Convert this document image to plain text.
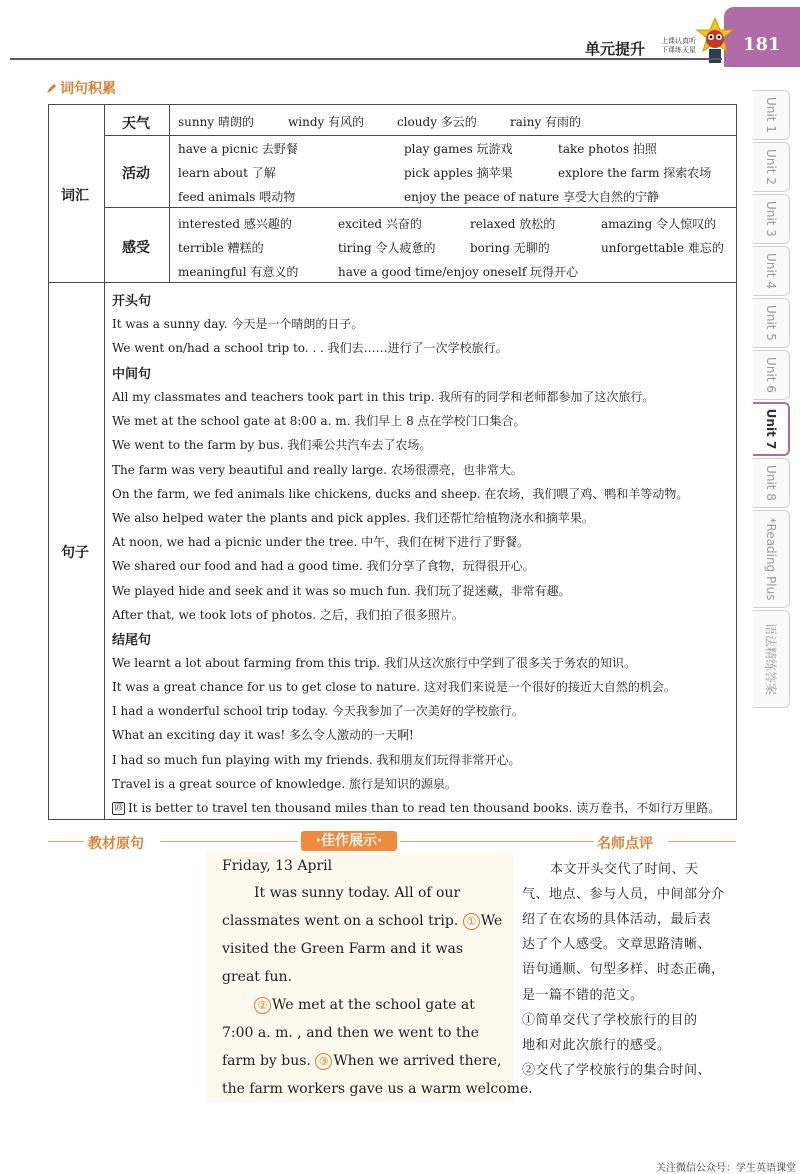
181
单元提升 上课认真听
下课练天星
词句积累
词汇
天气 sunny 晴朗的	windy 有风的	cloudy 多云的	rainy 有雨的
活动
have a picnic 去野餐	play games 玩游戏	take photos 拍照
learn about 了解	pick apples 摘苹果	explore the farm 探索农场
feed animals 喂动物	enjoy the peace of nature 享受大自然的宁静
感受
interested 感兴趣的	excited 兴奋的	relaxed 放松的	amazing 令人惊叹的
terrible 糟糕的	tiring 令人疲惫的	boring 无聊的	unforgettable 难忘的
meaningful 有意义的	have a good time/enjoy oneself 玩得开心
句子
开头句
It was a sunny day. 今天是一个晴朗的日子。
We went on/had a school trip to. . . 我们去……进行了一次学校旅行。
中间句
All my classmates and teachers took part in this trip. 我所有的同学和老师都参加了这次旅行。
We met at the school gate at 8:00 a. m. 我们早上 8 点在学校门口集合。
We went to the farm by bus. 我们乘公共汽车去了农场。
The farm was very beautiful and really large. 农场很漂亮，也非常大。
On the farm, we fed animals like chickens, ducks and sheep. 在农场，我们喂了鸡、鸭和羊等动物。
We also helped water the plants and pick apples. 我们还帮忙给植物浇水和摘苹果。
At noon, we had a picnic under the tree. 中午，我们在树下进行了野餐。
We shared our food and had a good time. 我们分享了食物，玩得很开心。
We played hide and seek and it was so much fun. 我们玩了捉迷藏，非常有趣。
After that, we took lots of photos. 之后，我们拍了很多照片。
结尾句
We learnt a lot about farming from this trip. 我们从这次旅行中学到了很多关于务农的知识。
It was a great chance for us to get close to nature. 这对我们来说是一个很好的接近大自然的机会。
I had a wonderful school trip today. 今天我参加了一次美好的学校旅行。
What an exciting day it was! 多么令人激动的一天啊!
I had so much fun playing with my friends. 我和朋友们玩得非常开心。
Travel is a great source of knowledge. 旅行是知识的源泉。
谚 It is better to travel ten thousand miles than to read ten thousand books. 读万卷书，不如行万里路。
Unit 1
Unit 2
Unit 3
Unit 4
Unit 5
Unit 6
Unit 7
Unit 8
*Reading Plus
语法精练答案
教材原句	·佳作展示·	名师点评
Friday, 13 April
It was sunny today. All of our
classmates went on a school trip. ① We
visited the Green Farm and it was
great fun.
② We met at the school gate at
7:00 a. m. , and then we went to the
farm by bus. ③ When we arrived there,
the farm workers gave us a warm welcome.
本文开头交代了时间、天
气、地点、参与人员，中间部分介
绍了在农场的具体活动，最后表
达了个人感受。文章思路清晰、
语句通顺、句型多样、时态正确，
是一篇不错的范文。
①简单交代了学校旅行的目的
地和对此次旅行的感受。
②交代了学校旅行的集合时间、
关注微信公众号：学生英语课堂
